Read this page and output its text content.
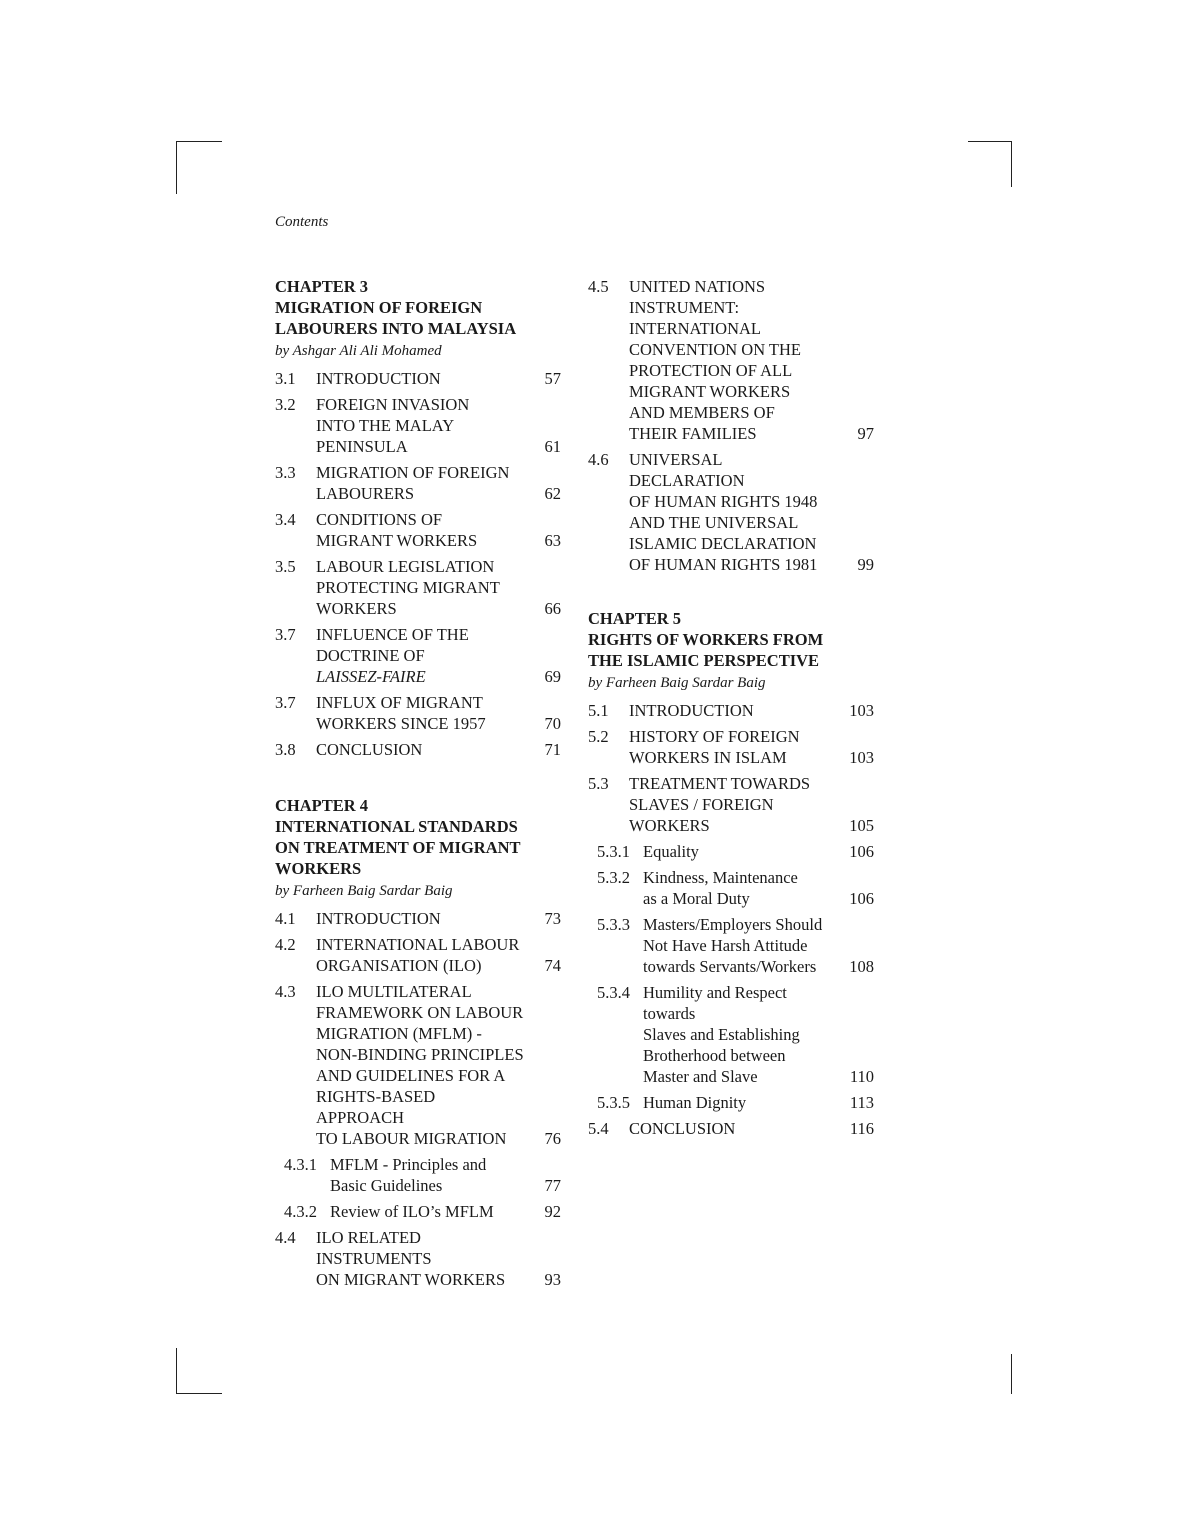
Contents
CHAPTER 3
MIGRATION OF FOREIGN
LABOURERS INTO MALAYSIA
by Ashgar Ali Ali Mohamed
3.1 INTRODUCTION	57
3.2 FOREIGN INVASION
INTO THE MALAY
PENINSULA	61
3.3 MIGRATION OF FOREIGN
LABOURERS	62
3.4 CONDITIONS OF
MIGRANT WORKERS	63
3.5 LABOUR LEGISLATION
PROTECTING MIGRANT
WORKERS	66
3.7 INFLUENCE OF THE
DOCTRINE OF
LAISSEZ-FAIRE	69
3.7 INFLUX OF MIGRANT
WORKERS SINCE 1957	70
3.8 CONCLUSION	71
CHAPTER 4
INTERNATIONAL STANDARDS
ON TREATMENT OF MIGRANT
WORKERS
by Farheen Baig Sardar Baig
4.1 INTRODUCTION	73
4.2 INTERNATIONAL LABOUR
ORGANISATION (ILO)	74
4.3 ILO MULTILATERAL
FRAMEWORK ON LABOUR
MIGRATION (MFLM) -
NON-BINDING PRINCIPLES
AND GUIDELINES FOR A
RIGHTS-BASED APPROACH
TO LABOUR MIGRATION	76
4.3.1 MFLM - Principles and
Basic Guidelines	77
4.3.2 Review of ILO’s MFLM	92
4.4 ILO RELATED INSTRUMENTS
ON MIGRANT WORKERS	93
4.5 UNITED NATIONS
INSTRUMENT:
INTERNATIONAL
CONVENTION ON THE
PROTECTION OF ALL
MIGRANT WORKERS
AND MEMBERS OF
THEIR FAMILIES	97
4.6 UNIVERSAL DECLARATION
OF HUMAN RIGHTS 1948
AND THE UNIVERSAL
ISLAMIC DECLARATION
OF HUMAN RIGHTS 1981	99
CHAPTER 5
RIGHTS OF WORKERS FROM
THE ISLAMIC PERSPECTIVE
by Farheen Baig Sardar Baig
5.1 INTRODUCTION	103
5.2 HISTORY OF FOREIGN
WORKERS IN ISLAM	103
5.3 TREATMENT TOWARDS
SLAVES / FOREIGN
WORKERS	105
5.3.1 Equality	106
5.3.2 Kindness, Maintenance
as a Moral Duty	106
5.3.3 Masters/Employers Should
Not Have Harsh Attitude
towards Servants/Workers	108
5.3.4 Humility and Respect towards
Slaves and Establishing
Brotherhood between
Master and Slave	110
5.3.5 Human Dignity	113
5.4 CONCLUSION	116
